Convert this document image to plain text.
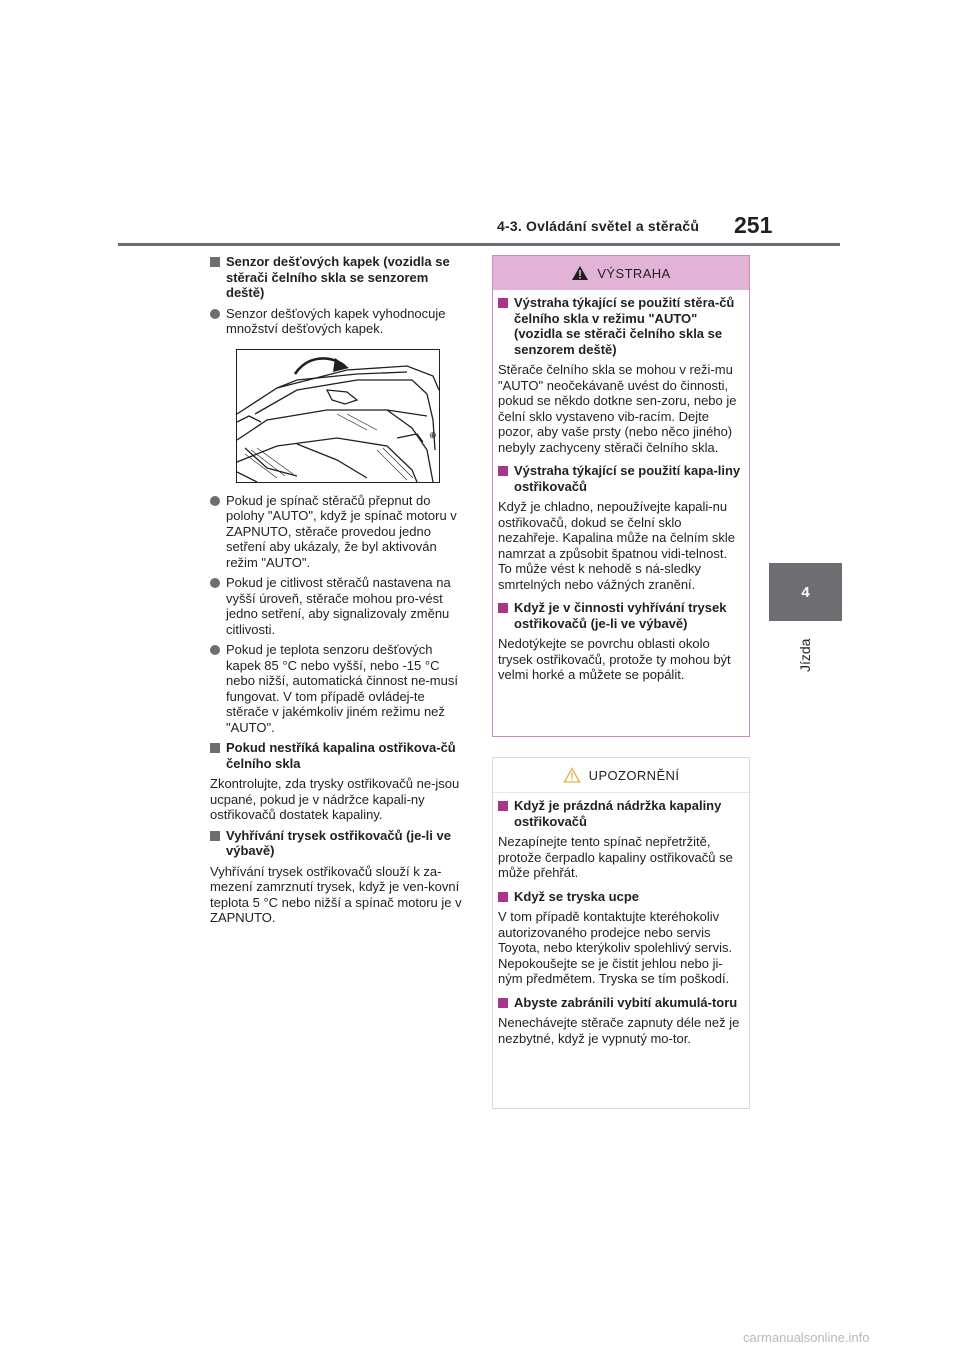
4-3. Ovládání světel a stěračů 251
4
Jízda
Senzor dešťových kapek (vozidla se stěrači čelního skla se senzorem deště)
Senzor dešťových kapek vyhodnocuje množství dešťových kapek.
⊕
Pokud je spínač stěračů přepnut do polohy "AUTO", když je spínač motoru v ZAPNUTO, stěrače provedou jedno setření aby ukázaly, že byl aktivován režim "AUTO".
Pokud je citlivost stěračů nastavena na vyšší úroveň, stěrače mohou pro-vést jedno setření, aby signalizovaly změnu citlivosti.
Pokud je teplota senzoru dešťových kapek 85 °C nebo vyšší, nebo -15 °C nebo nižší, automatická činnost ne-musí fungovat. V tom případě ovládej-te stěrače v jakémkoliv jiném režimu než "AUTO".
Pokud nestříká kapalina ostřikova-čů čelního skla
Zkontrolujte, zda trysky ostřikovačů ne-jsou ucpané, pokud je v nádržce kapali-ny ostřikovačů dostatek kapaliny.
Vyhřívání trysek ostřikovačů (je-li ve výbavě)
Vyhřívání trysek ostřikovačů slouží k za-mezení zamrznutí trysek, když je ven-kovní teplota 5 °C nebo nižší a spínač motoru je v ZAPNUTO.
VÝSTRAHA
Výstraha týkající se použití stěra-čů čelního skla v režimu "AUTO" (vozidla se stěrači čelního skla se senzorem deště)
Stěrače čelního skla se mohou v reži-mu "AUTO" neočekávaně uvést do činnosti, pokud se někdo dotkne sen-zoru, nebo je čelní sklo vystaveno vib-racím. Dejte pozor, aby vaše prsty (nebo něco jiného) nebyly zachyceny stěrači čelního skla.
Výstraha týkající se použití kapa-liny ostřikovačů
Když je chladno, nepoužívejte kapali-nu ostřikovačů, dokud se čelní sklo nezahřeje. Kapalina může na čelním skle namrzat a způsobit špatnou vidi-telnost. To může vést k nehodě s ná-sledky smrtelných nebo vážných zranění.
Když je v činnosti vyhřívání trysek ostřikovačů (je-li ve výbavě)
Nedotýkejte se povrchu oblasti okolo trysek ostřikovačů, protože ty mohou být velmi horké a můžete se popálit.
UPOZORNĚNÍ
Když je prázdná nádržka kapaliny ostřikovačů
Nezapínejte tento spínač nepřetržitě, protože čerpadlo kapaliny ostřikovačů se může přehřát.
Když se tryska ucpe
V tom případě kontaktujte kteréhokoliv autorizovaného prodejce nebo servis Toyota, nebo kterýkoliv spolehlivý servis.
Nepokoušejte se je čistit jehlou nebo ji-ným předmětem. Tryska se tím poškodí.
Abyste zabránili vybití akumulá-toru
Nenechávejte stěrače zapnuty déle než je nezbytné, když je vypnutý mo-tor.
carmanualsonline.info
